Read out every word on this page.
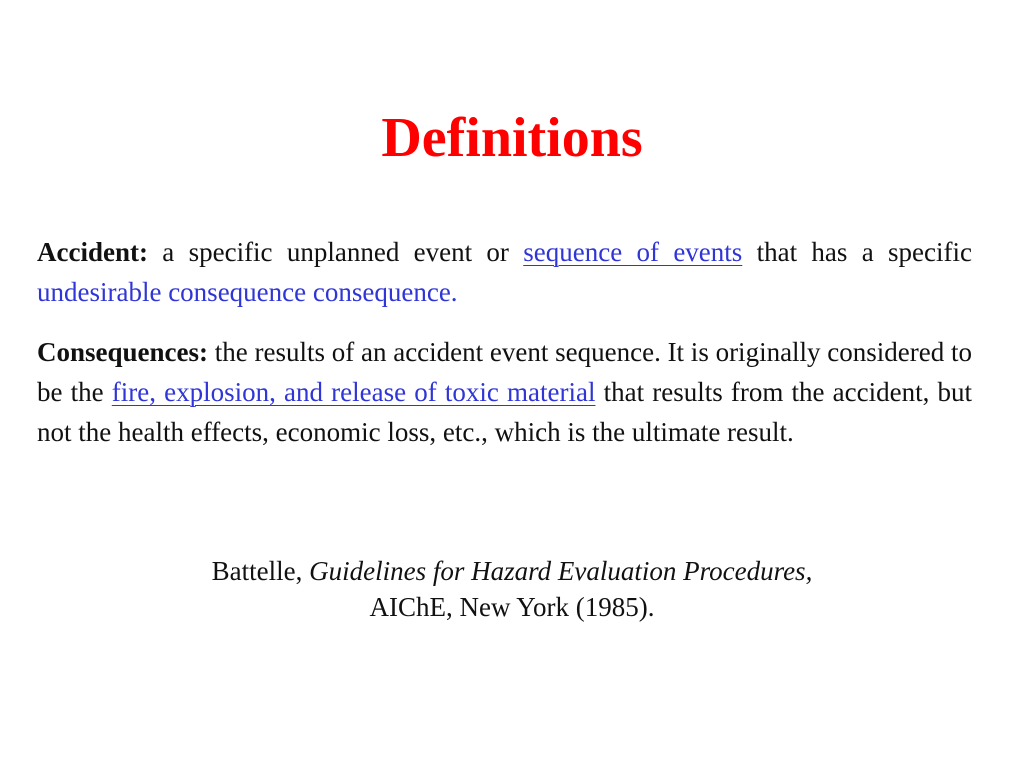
Definitions

Accident: a specific unplanned event or sequence of events that has a specific undesirable consequence consequence.

Consequences: the results of an accident event sequence. It is originally considered to be the fire, explosion, and release of toxic material that results from the accident, but not the health effects, economic loss, etc., which is the ultimate result.

Battelle, Guidelines for Hazard Evaluation Procedures,
AIChE, New York (1985).
